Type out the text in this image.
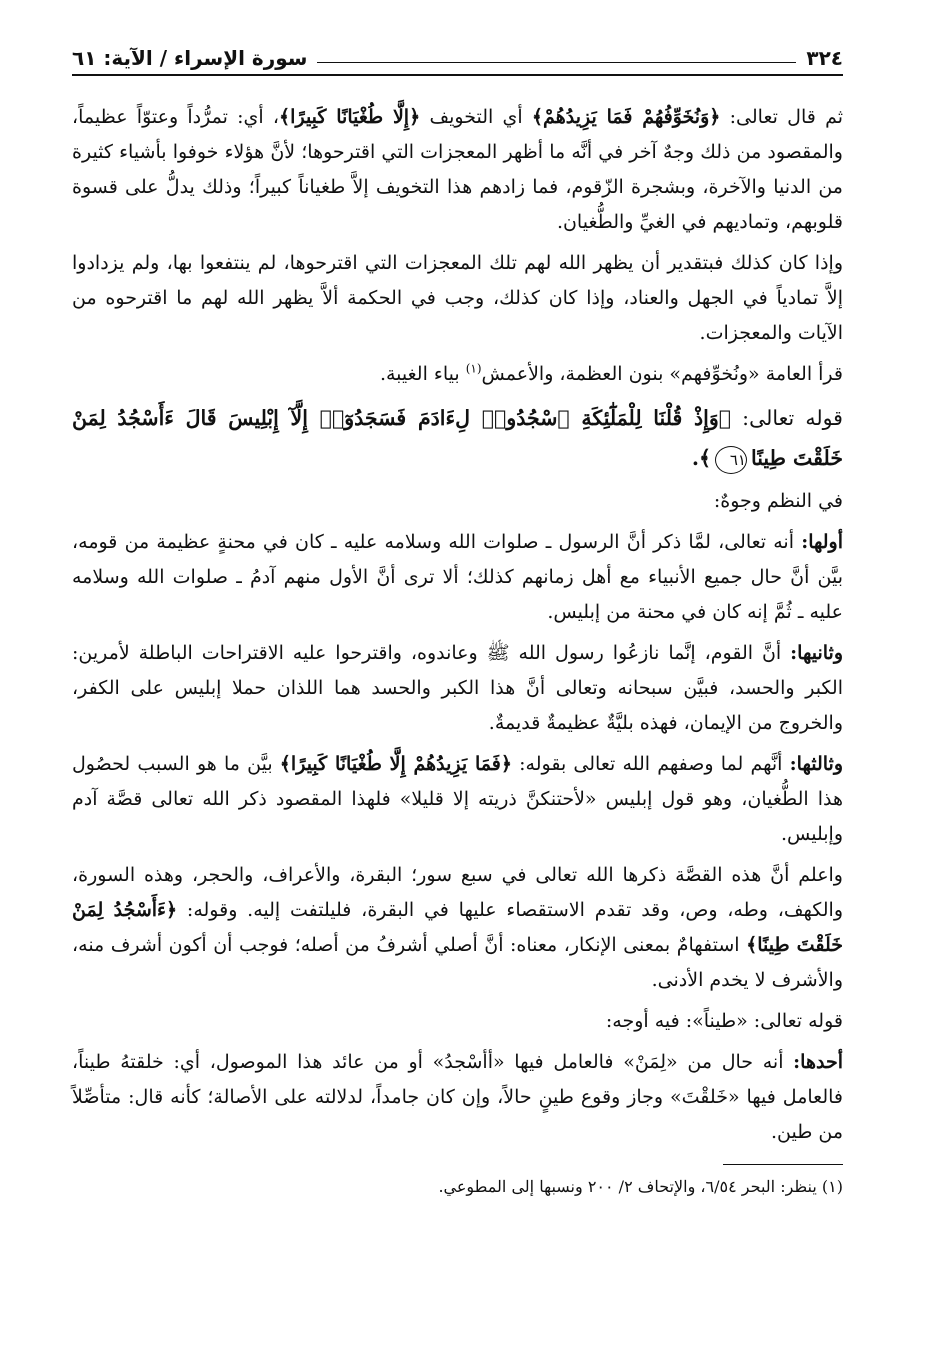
٣٢٤
سورة الإسراء / الآية: ٦١

ثم قال تعالى: ﴿وَنُخَوِّفُهُمْ فَمَا يَزِيدُهُمْ﴾ أي التخويف ﴿إِلَّا طُغْيَانًا كَبِيرًا﴾، أي: تمرُّداً وعتوّاً عظيماً، والمقصود من ذلك وجهٌ آخر في أنَّه ما أظهر المعجزات التي اقترحوها؛ لأنَّ هؤلاء خوفوا بأشياء كثيرة من الدنيا والآخرة، وبشجرة الزّقوم، فما زادهم هذا التخويف إلاَّ طغياناً كبيراً؛ وذلك يدلُّ على قسوة قلوبهم، وتماديهم في الغيِّ والطُّغيان.

وإذا كان كذلك فبتقدير أن يظهر الله لهم تلك المعجزات التي اقترحوها، لم ينتفعوا بها، ولم يزدادوا إلاَّ تمادياً في الجهل والعناد، وإذا كان كذلك، وجب في الحكمة ألاَّ يظهر الله لهم ما اقترحوه من الآيات والمعجزات.

قرأ العامة «ونُخوِّفهم» بنون العظمة، والأعمش$^{(١)}$ بياء الغيبة.

قوله تعالى: ﴿وَإِذْ قُلْنَا لِلْمَلَٰٓئِكَةِ ٱسْجُدُوا۟ لِءَادَمَ فَسَجَدُوٓا۟ إِلَّآ إِبْلِيسَ قَالَ ءَأَسْجُدُ لِمَنْ خَلَقْتَ طِينًا٦١﴾.

في النظم وجوهٌ:

أولها: أنه تعالى، لمَّا ذكر أنَّ الرسول ـ صلوات الله وسلامه عليه ـ كان في محنةٍ عظيمة من قومه، بيَّن أنَّ حال جميع الأنبياء مع أهل زمانهم كذلك؛ ألا ترى أنَّ الأول منهم آدمُ ـ صلوات الله وسلامه عليه ـ ثُمَّ إنه كان في محنة من إبليس.

وثانيها: أنَّ القوم، إنَّما نازعُوا رسول الله ﷺ وعاندوه، واقترحوا عليه الاقتراحات الباطلة لأمرين: الكبر والحسد، فبيَّن سبحانه وتعالى أنَّ هذا الكبر والحسد هما اللذان حملا إبليس على الكفر، والخروج من الإيمان، فهذه بليَّةٌ عظيمةٌ قديمةٌ.

وثالثها: أنَّهم لما وصفهم الله تعالى بقوله: ﴿فَمَا يَزِيدُهُمْ إِلَّا طُغْيَانًا كَبِيرًا﴾ بيَّن ما هو السبب لحصُول هذا الطُّغيان، وهو قول إبليس «لأحتنكنَّ ذريته إلا قليلا» فلهذا المقصود ذكر الله تعالى قصَّة آدم وإبليس.

واعلم أنَّ هذه القصَّة ذكرها الله تعالى في سبع سور؛ البقرة، والأعراف، والحجر، وهذه السورة، والكهف، وطه، وص، وقد تقدم الاستقصاء عليها في البقرة، فليلتفت إليه. وقوله: ﴿ءَأَسْجُدُ لِمَنْ خَلَقْتَ طِينًا﴾ استفهامٌ بمعنى الإنكار، معناه: أنَّ أصلي أشرفُ من أصله؛ فوجب أن أكون أشرف منه، والأشرف لا يخدم الأدنى.

قوله تعالى: «طيناً»: فيه أوجه:

أحدها: أنه حال من «لِمَنْ» فالعامل فيها «أأسْجدُ» أو من عائد هذا الموصول، أي: خلقتهُ طيناً، فالعامل فيها «خَلقْتَ» وجاز وقوع طينٍ حالاً، وإن كان جامداً، لدلالته على الأصالة؛ كأنه قال: متأصِّلاً من طين.

(١) ينظر: البحر ٦/٥٤، والإتحاف ٢/ ٢٠٠ ونسبها إلى المطوعي.
